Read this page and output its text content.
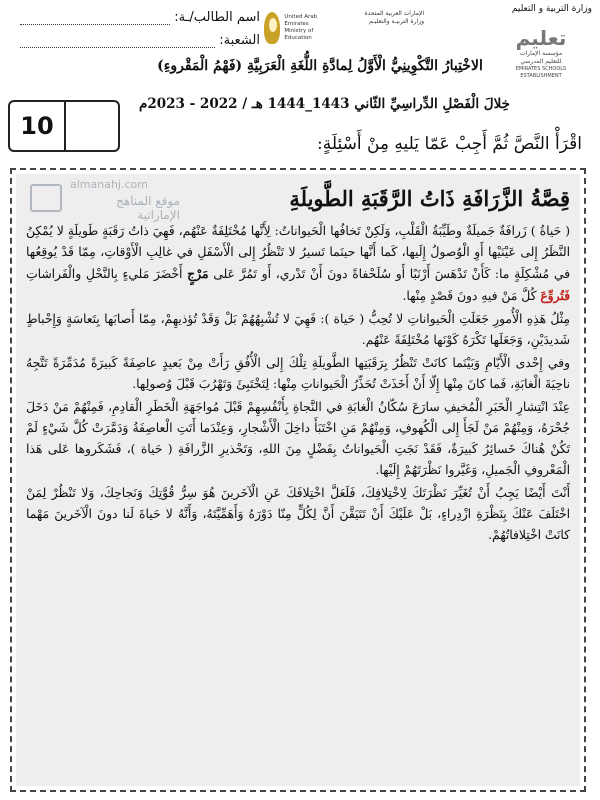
وزارة التربية و التعليم
اسم الطالب/ـة:
الشعبة:
United Arab Emirates
Ministry of Education
الإمارات العربية المتحدة
وزارة التربيـة والتعليـم
تعليم
مؤسسة الإمارات
للتعليم المدرسي
EMIRATES SCHOOLS
ESTABLISHMENT
الاخْتِبارُ التَّكْوِينِيُّ الْأَوَّلُ لِمادَّةِ اللُّغَةِ الْعَرَبِيَّةِ (فَهْمُ الْمَقْروءِ)
خِلالَ الْفَصْلِ الدِّراسِيِّ الثّاني 1443_1444 هـ / 2022 - 2023م
10
اقْرَأْ النَّصَّ ثُمَّ أَجِبْ عَمّا يَليهِ مِنْ أَسْئِلَةٍ:
قِصَّةُ الزَّرَافَةِ ذَاتُ الرَّقَبَةِ الطَّويلَةِ

( حَياةُ ) زَرافَةٌ جَميلَةٌ وطَيِّبَةُ الْقَلْبِ، وَلَكِنْ تَخافُها الْحَيواناتُ: لِأَنَّها مُخْتَلِفَةٌ عَنْهُم، فَهِيَ ذاتُ رَقَبَةٍ طَويلَةٍ لا يُمْكِنُ النَّظَرُ إِلى عَيْنَيْها أَوِ الْوُصولُ إِلَيها، كَما أَنَّها حينَما تَسيرُ لا تَنْظُرُ إِلى الْأَسْفَلِ في غالِبِ الْأَوْقاتِ، مِمّا قَدْ يُوقِعُها في مُشْكِلَةٍ ما: كَأَنْ تَدْهَسَ أَرْنَبًا أَو سُلَحْفاةً دونَ أَنْ تَدْري، أَو تَمُرَّ عَلى مَرْجٍ أَخْضَرَ مَليءٍ بِالنَّحْلِ والْفَراشاتِ فَتُروِّعَ كُلَّ مَنْ فيهِ دونَ قَصْدٍ مِنْها.

مِثْلُ هَذِهِ الْأُمورِ جَعَلَتِ الْحَيواناتِ لا تُحِبُّ ( حَياة ): فَهِيَ لا تُشْبِهُهُمْ بَلْ وَقَدْ تُؤذيهِمْ، مِمّا أَصابَها بِتَعاسَةٍ وَإِحْباطٍ شَديدَيْنِ، وَجَعَلَها تَكْرَهُ كَوْنَها مُخْتَلِفَةً عَنْهُم.

وفي إِحْدى الْأَيّامِ وَبَيْنَما كانَتْ تَنْظُرُ بِرَقَبَتِها الطَّويلَةِ تِلْكَ إِلى الْأُفُقِ رَأَتْ مِنْ بَعيدٍ عاصِفَةً كَبيرَةً مُدَمِّرَةً تَتَّجِهُ ناحِيَةَ الْغابَةِ، فَما كانَ مِنْها إِلّا أَنْ أَخَذَتْ تُحَذِّرُ الْحَيواناتِ مِنْها: لِتَخْتَبِئَ وَتَهْرُبَ قَبْلَ وُصولِها.

عِنْدَ انْتِشارِ الْخَبَرِ الْمُخيفِ سارَعَ سُكّانُ الْغابَةِ في النَّجاةِ بِأَنْفُسِهِمْ قَبْلَ مُواجَهَةِ الْخَطَرِ الْقادِمِ، فَمِنْهُمْ مَنْ دَخَلَ جُحْرَهُ، وَمِنْهُمْ مَنْ لَجَأَ إِلى الْكُهوفِ، وَمِنْهُمْ مَنِ اخْتَبَأَ داخِلَ الْأَشْجارِ، وَعِنْدَما أَتَتِ الْعاصِفَةُ وَدَمَّرَتْ كُلَّ شَيْءٍ لَمْ تَكُنْ هُناكَ خَسائِرُ كَبيرَةٌ، فَقَدْ نَجَتِ الْحَيواناتُ بِفَضْلٍ مِنَ اللهِ، وَتَحْذيرِ الزَّرافَةِ ( حَياة )، فَشَكَروها عَلى هَذا الْمَعْروفِ الْجَميلِ، وَغَيَّروا نَظْرَتَهُمْ إِلَيْها.

أَنْتَ أَيْضًا يَجِبُ أَنْ تُغَيِّرَ نَظْرَتَكَ لِاخْتِلافِكَ، فَلَعَلَّ اخْتِلافَكَ عَنِ الْآخَرينَ هُوَ سِرُّ قُوَّتِكَ وَنَجاحِكَ، وَلا تَنْظُرْ لِمَنْ اخْتَلَفَ عَنْكَ بِنَظْرَةِ ازْدِراءٍ، بَلْ عَلَيْكَ أَنْ تَتَيَقَّنَ أَنَّ لِكُلٍّ مِنّا دَوْرَهُ وَأَهَمِّيَّتَهُ، وَأَنَّهُ لا حَياةَ لَنا دونَ الْآخَرينَ مَهْما كانَتْ اخْتِلافاتُهُمْ.

almanahj.com
موقع المناهج الإماراتية
